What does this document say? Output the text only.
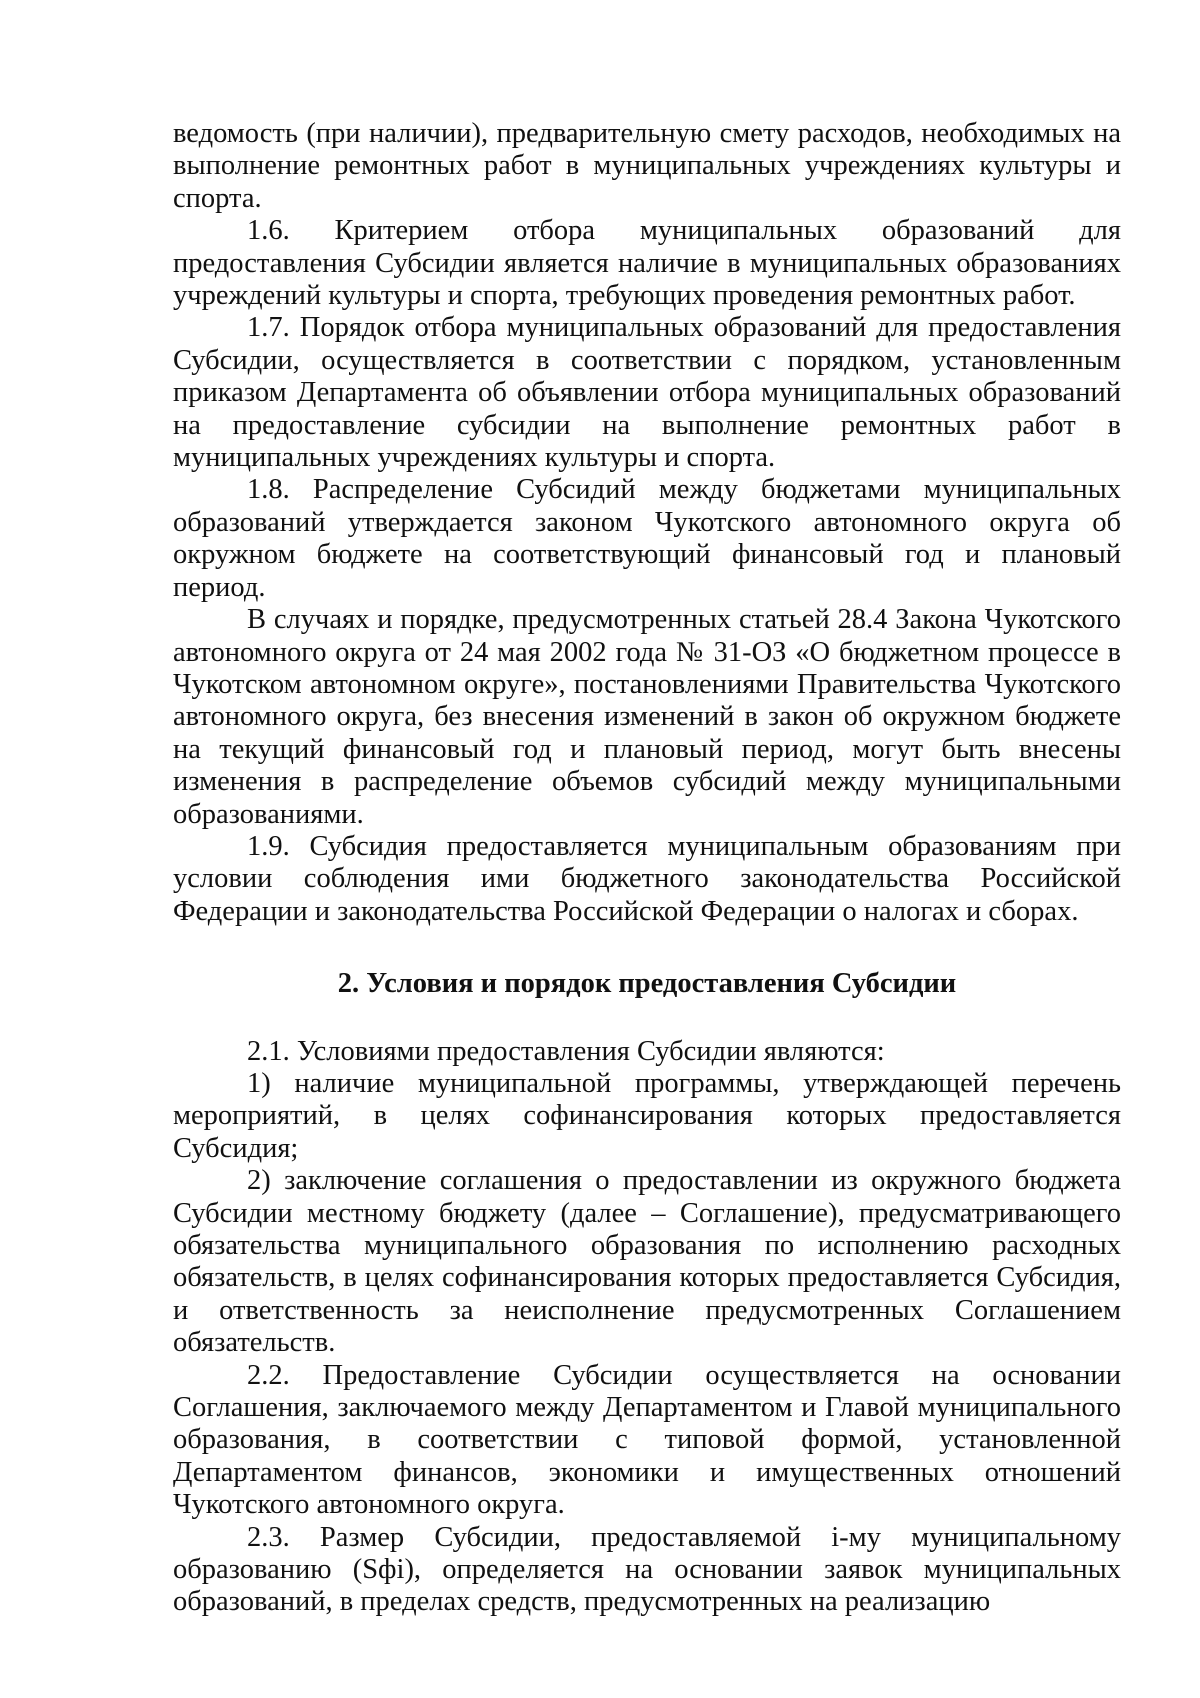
ведомость (при наличии), предварительную смету расходов, необходимых на выполнение ремонтных работ в муниципальных учреждениях культуры и спорта.

1.6. Критерием отбора муниципальных образований для предоставления Субсидии является наличие в муниципальных образованиях учреждений культуры и спорта, требующих проведения ремонтных работ.

1.7. Порядок отбора муниципальных образований для предоставления Субсидии, осуществляется в соответствии с порядком, установленным приказом Департамента об объявлении отбора муниципальных образований на предоставление субсидии на выполнение ремонтных работ в муниципальных учреждениях культуры и спорта.

1.8. Распределение Субсидий между бюджетами муниципальных образований утверждается законом Чукотского автономного округа об окружном бюджете на соответствующий финансовый год и плановый период.

В случаях и порядке, предусмотренных статьей 28.4 Закона Чукотского автономного округа от 24 мая 2002 года № 31-ОЗ «О бюджетном процессе в Чукотском автономном округе», постановлениями Правительства Чукотского автономного округа, без внесения изменений в закон об окружном бюджете на текущий финансовый год и плановый период, могут быть внесены изменения в распределение объемов субсидий между муниципальными образованиями.

1.9. Субсидия предоставляется муниципальным образованиям при условии соблюдения ими бюджетного законодательства Российской Федерации и законодательства Российской Федерации о налогах и сборах.

2. Условия и порядок предоставления Субсидии

2.1. Условиями предоставления Субсидии являются:

1) наличие муниципальной программы, утверждающей перечень мероприятий, в целях софинансирования которых предоставляется Субсидия;

2) заключение соглашения о предоставлении из окружного бюджета Субсидии местному бюджету (далее – Соглашение), предусматривающего обязательства муниципального образования по исполнению расходных обязательств, в целях софинансирования которых предоставляется Субсидия, и ответственность за неисполнение предусмотренных Соглашением обязательств.

2.2. Предоставление Субсидии осуществляется на основании Соглашения, заключаемого между Департаментом и Главой муниципального образования, в соответствии с типовой формой, установленной Департаментом финансов, экономики и имущественных отношений Чукотского автономного округа.

2.3. Размер Субсидии, предоставляемой i-му муниципальному образованию (Sфi), определяется на основании заявок муниципальных образований, в пределах средств, предусмотренных на реализацию
